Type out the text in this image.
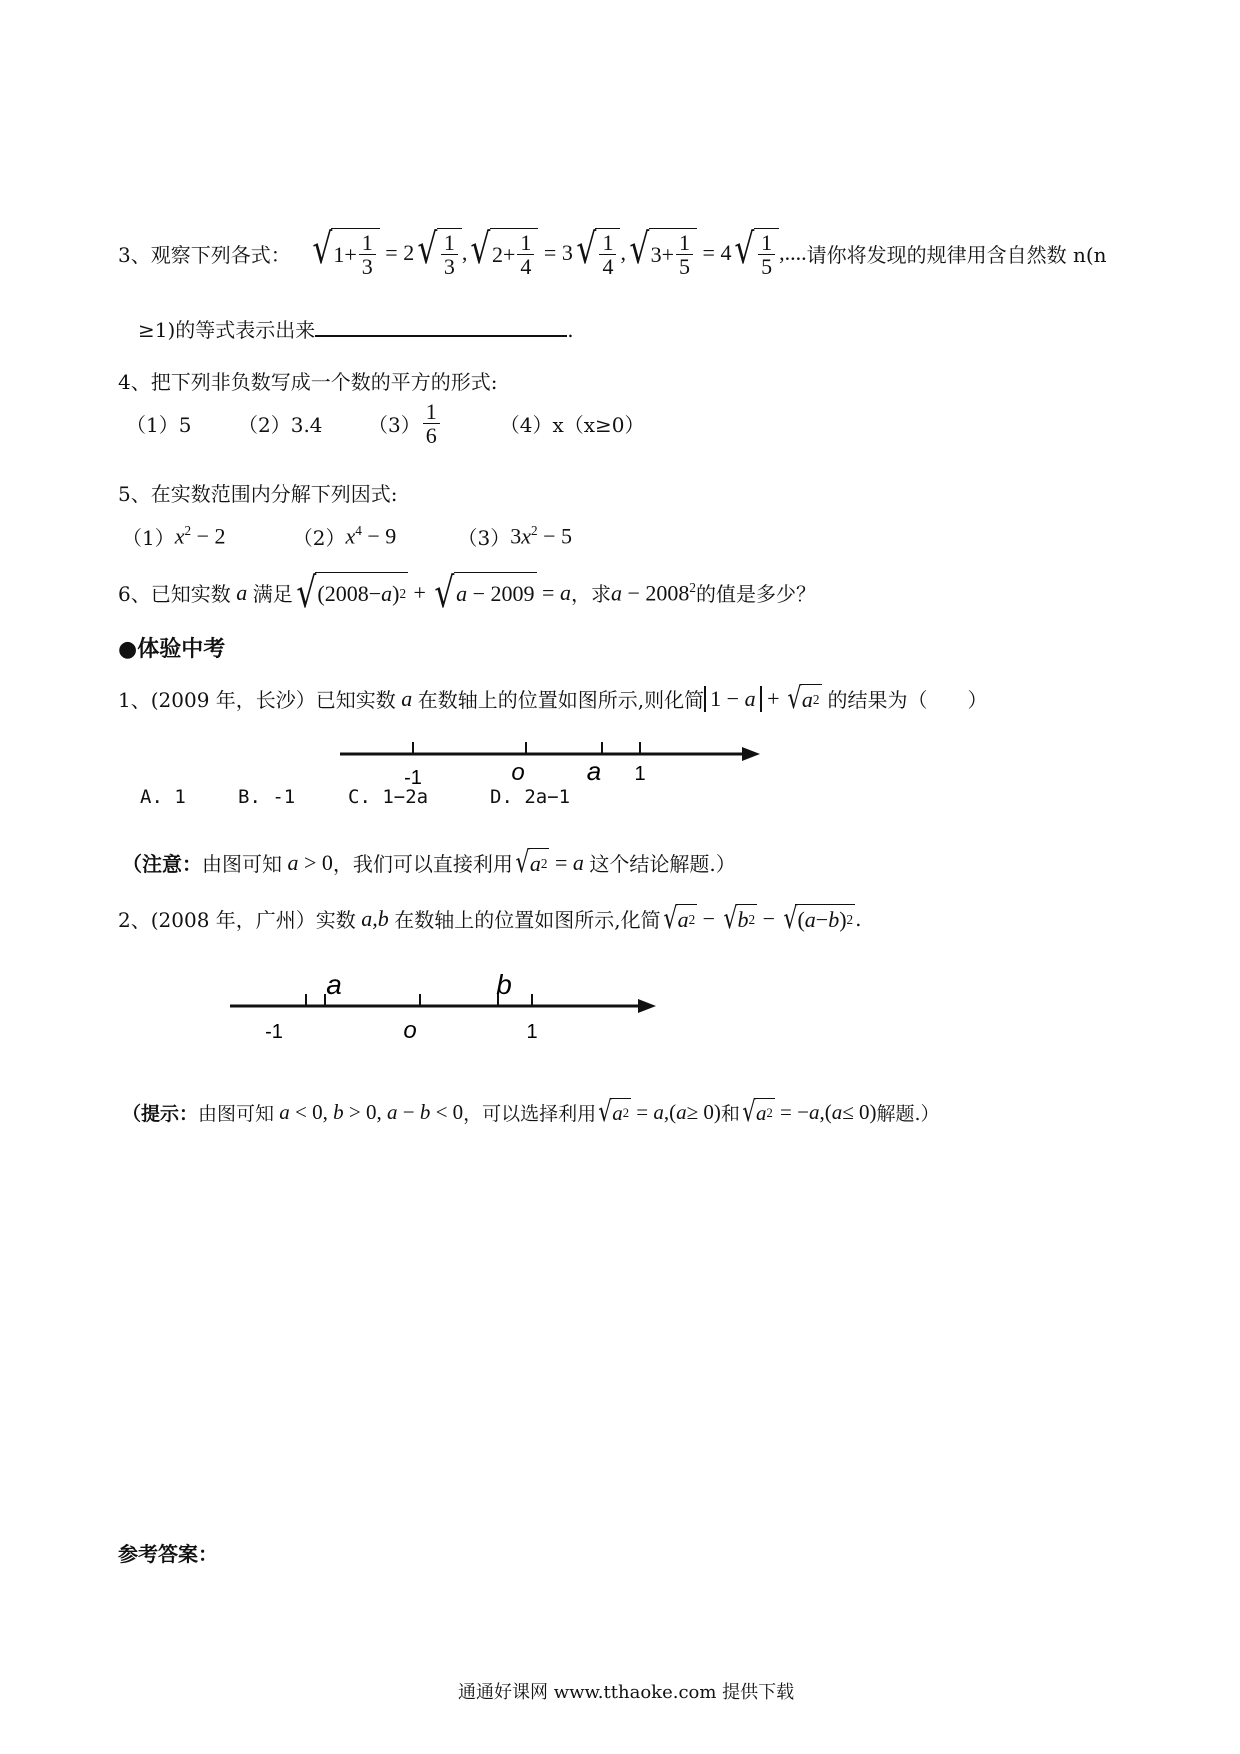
3、 观察下列各式： √ $1 + \frac{1}{3} = 2$ √ $\frac{1}{3}$ , √ $2 + \frac{1}{4} = 3$ √ $\frac{1}{4}$ , √ $3 + \frac{1}{5} = 4$ √ $\frac{1}{5}$ ,.... 请你将发现的规律用含自然数 n(n
≥1)的等式表示出来	.
4、把下列非负数写成一个数的平方的形式:
（1）5	（2）3.4	$(3) \frac{1}{6}$	（4）x（x≥0）
5、在实数范围内分解下列因式:
（1） $x^2 - 2$	（2） $x^4 - 9$	（3） $3x^2 - 5$
6、已知实数 a 满足 √ ( 2008 − a ) 2 + √ a − 2009 = a ，求 $a - 2008^2$ 的值是多少？
●体验中考
1、(2009 年，长沙）已知实数 a 在数轴上的位置如图所示,则化简 1 − a + √ a 2 的结果为（　　）
-1	o a 1
A. 1	B. -1	C. 1−2a	D. 2a−1
（注意： 由图可知 a > 0 ，我们可以直接利用 √ a 2 = a
这个结论解题.）
2、(2008 年，广州）实数 a,b 在数轴上的位置如图所示,化简 √ a 2 − √ b 2 − √ ( a − b ) 2 .
-1	o	1
a	b
（提示： 由图可知 a < 0, b > 0, a − b < 0 ，可以选择利用 √ a 2 = a ,( a ≥ 0) 和 √ a 2 = − a ,( a ≤ 0) 解题.）
参考答案：
通通好课网 www.tthaoke.com 提供下载
